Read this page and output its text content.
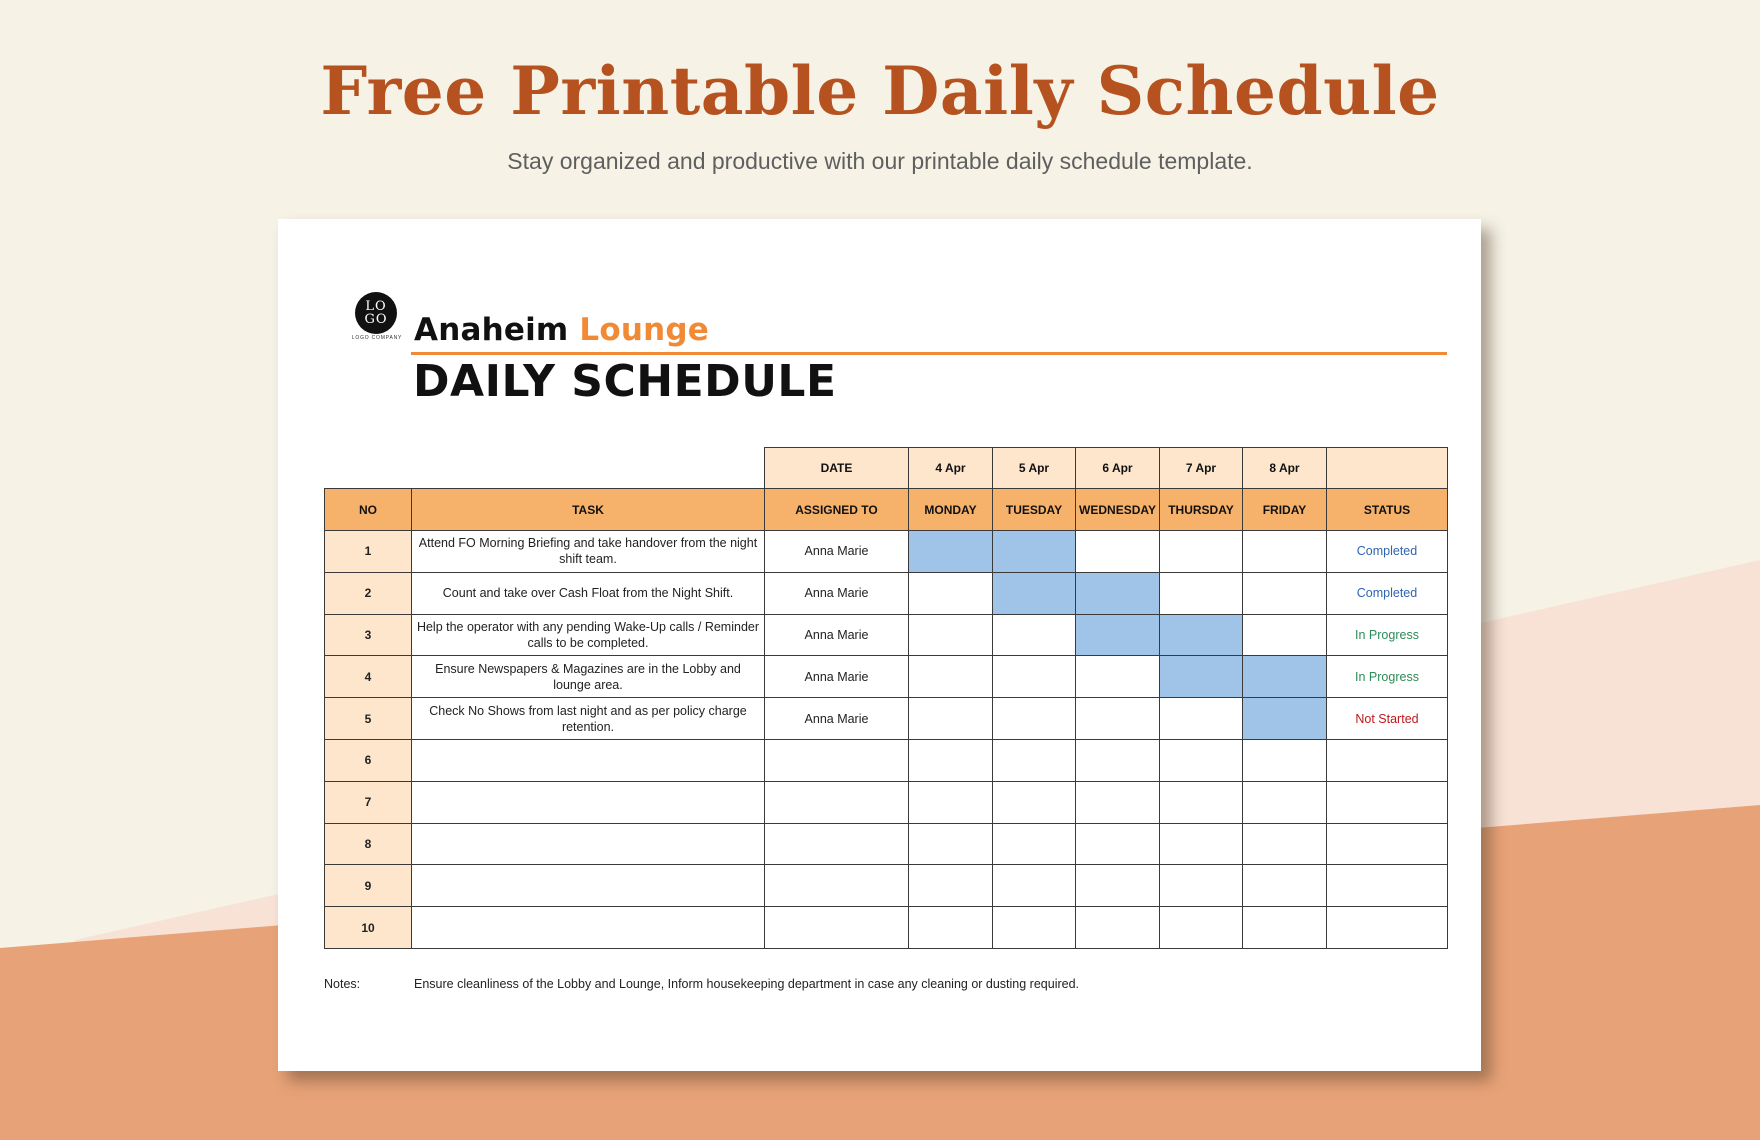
Free Printable Daily Schedule
Stay organized and productive with our printable daily schedule template.
LO
GO
LOGO COMPANY Anaheim Lounge
DAILY SCHEDULE
		DATE	4 Apr	5 Apr	6 Apr	7 Apr	8 Apr	
NO	TASK	ASSIGNED TO	MONDAY	TUESDAY	WEDNESDAY	THURSDAY	FRIDAY	STATUS
1	Attend FO Morning Briefing and take handover from the night shift team.	Anna Marie						Completed
2	Count and take over Cash Float from the Night Shift.	Anna Marie						Completed
3	Help the operator with any pending Wake-Up calls / Reminder calls to be completed.	Anna Marie						In Progress
4	Ensure Newspapers & Magazines are in the Lobby and lounge area.	Anna Marie						In Progress
5	Check No Shows from last night and as per policy charge retention.	Anna Marie						Not Started
6								
7								
8								
9								
10								
Notes:	Ensure cleanliness of the Lobby and Lounge, Inform housekeeping department in case any cleaning or dusting required.
